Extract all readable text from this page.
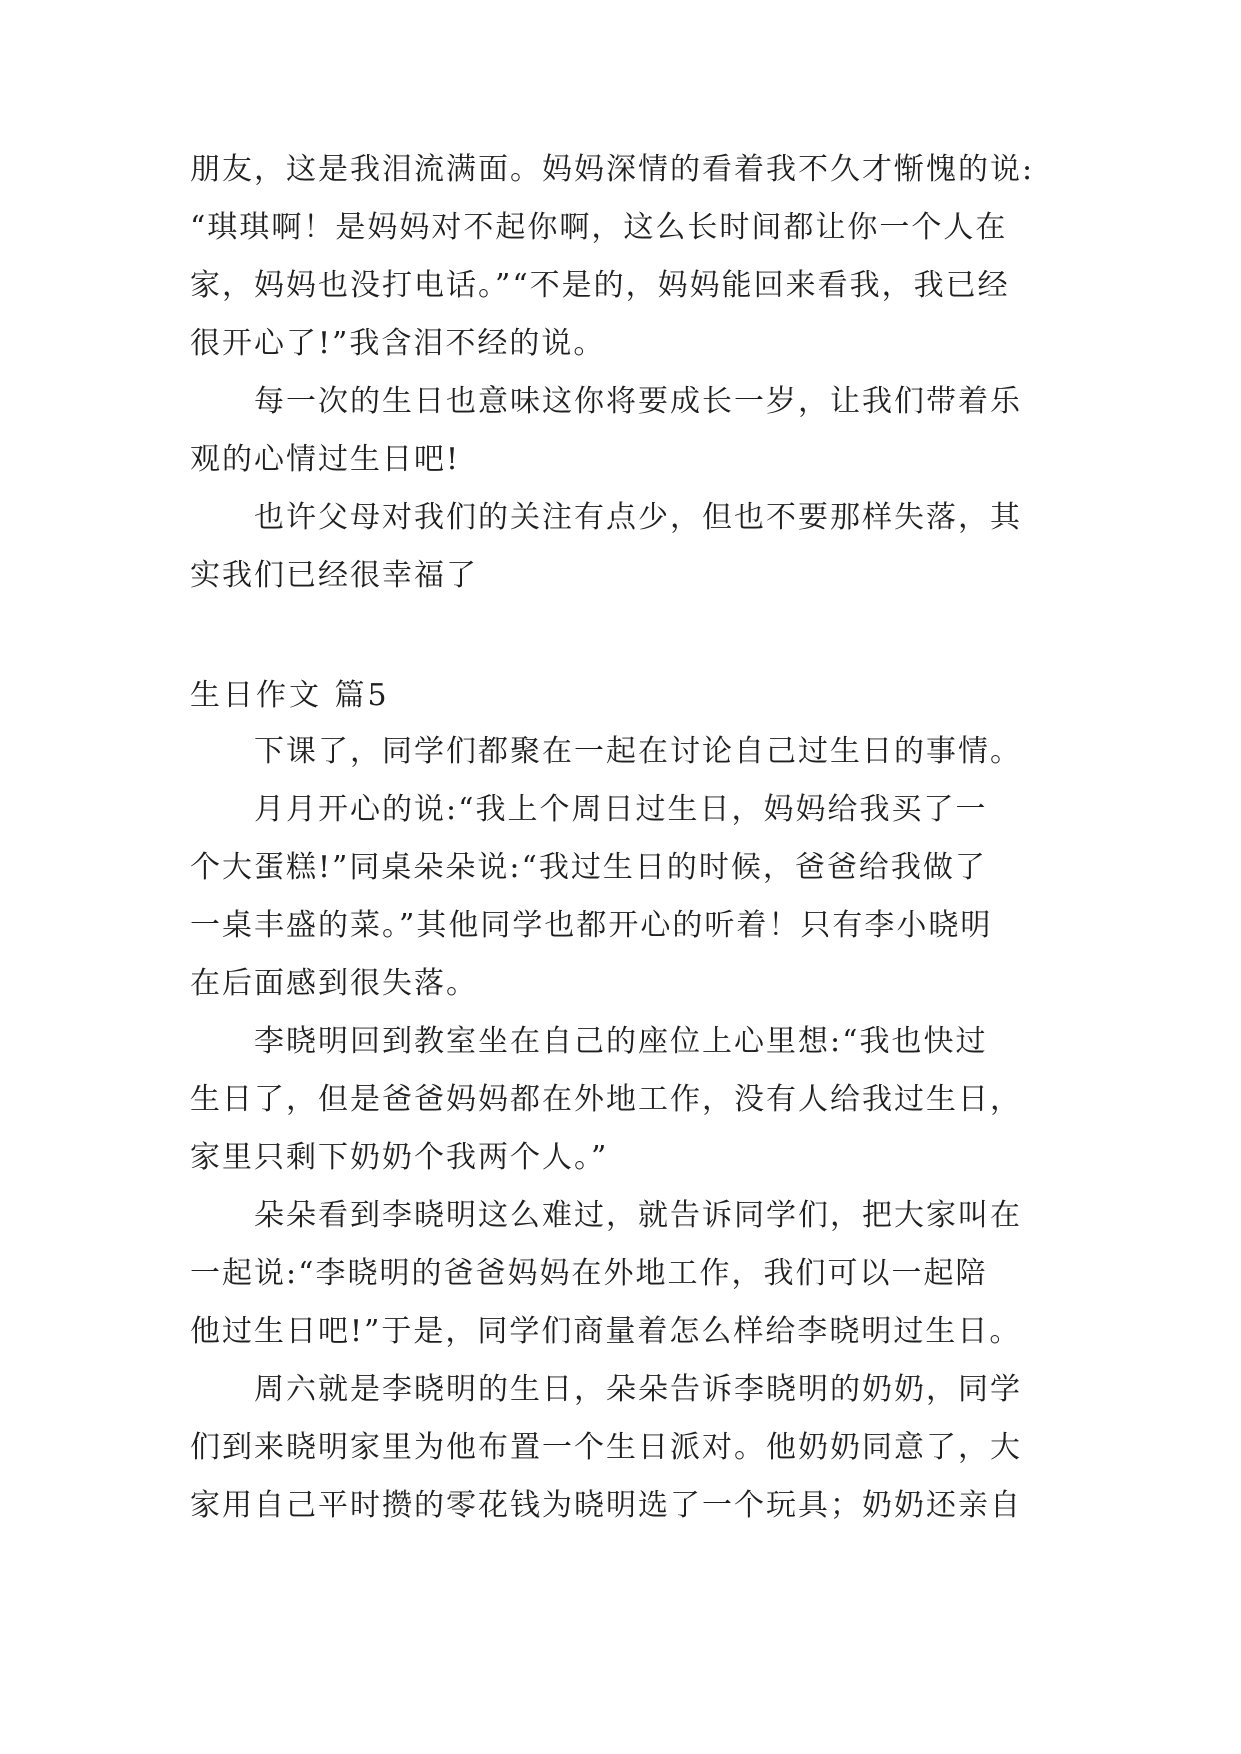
朋友，这是我泪流满面。妈妈深情的看着我不久才惭愧的说:
“琪琪啊！是妈妈对不起你啊，这么长时间都让你一个人在
家，妈妈也没打电话。”“不是的，妈妈能回来看我，我已经
很开心了!”我含泪不经的说。
每一次的生日也意味这你将要成长一岁，让我们带着乐
观的心情过生日吧!
也许父母对我们的关注有点少，但也不要那样失落，其
实我们已经很幸福了
生日作文 篇5
下课了，同学们都聚在一起在讨论自己过生日的事情。
月月开心的说:“我上个周日过生日，妈妈给我买了一
个大蛋糕!”同桌朵朵说:“我过生日的时候，爸爸给我做了
一桌丰盛的菜。”其他同学也都开心的听着！只有李小晓明
在后面感到很失落。
李晓明回到教室坐在自己的座位上心里想:“我也快过
生日了，但是爸爸妈妈都在外地工作，没有人给我过生日，
家里只剩下奶奶个我两个人。”
朵朵看到李晓明这么难过，就告诉同学们，把大家叫在
一起说:“李晓明的爸爸妈妈在外地工作，我们可以一起陪
他过生日吧!”于是，同学们商量着怎么样给李晓明过生日。
周六就是李晓明的生日，朵朵告诉李晓明的奶奶，同学
们到来晓明家里为他布置一个生日派对。他奶奶同意了，大
家用自己平时攒的零花钱为晓明选了一个玩具；奶奶还亲自
